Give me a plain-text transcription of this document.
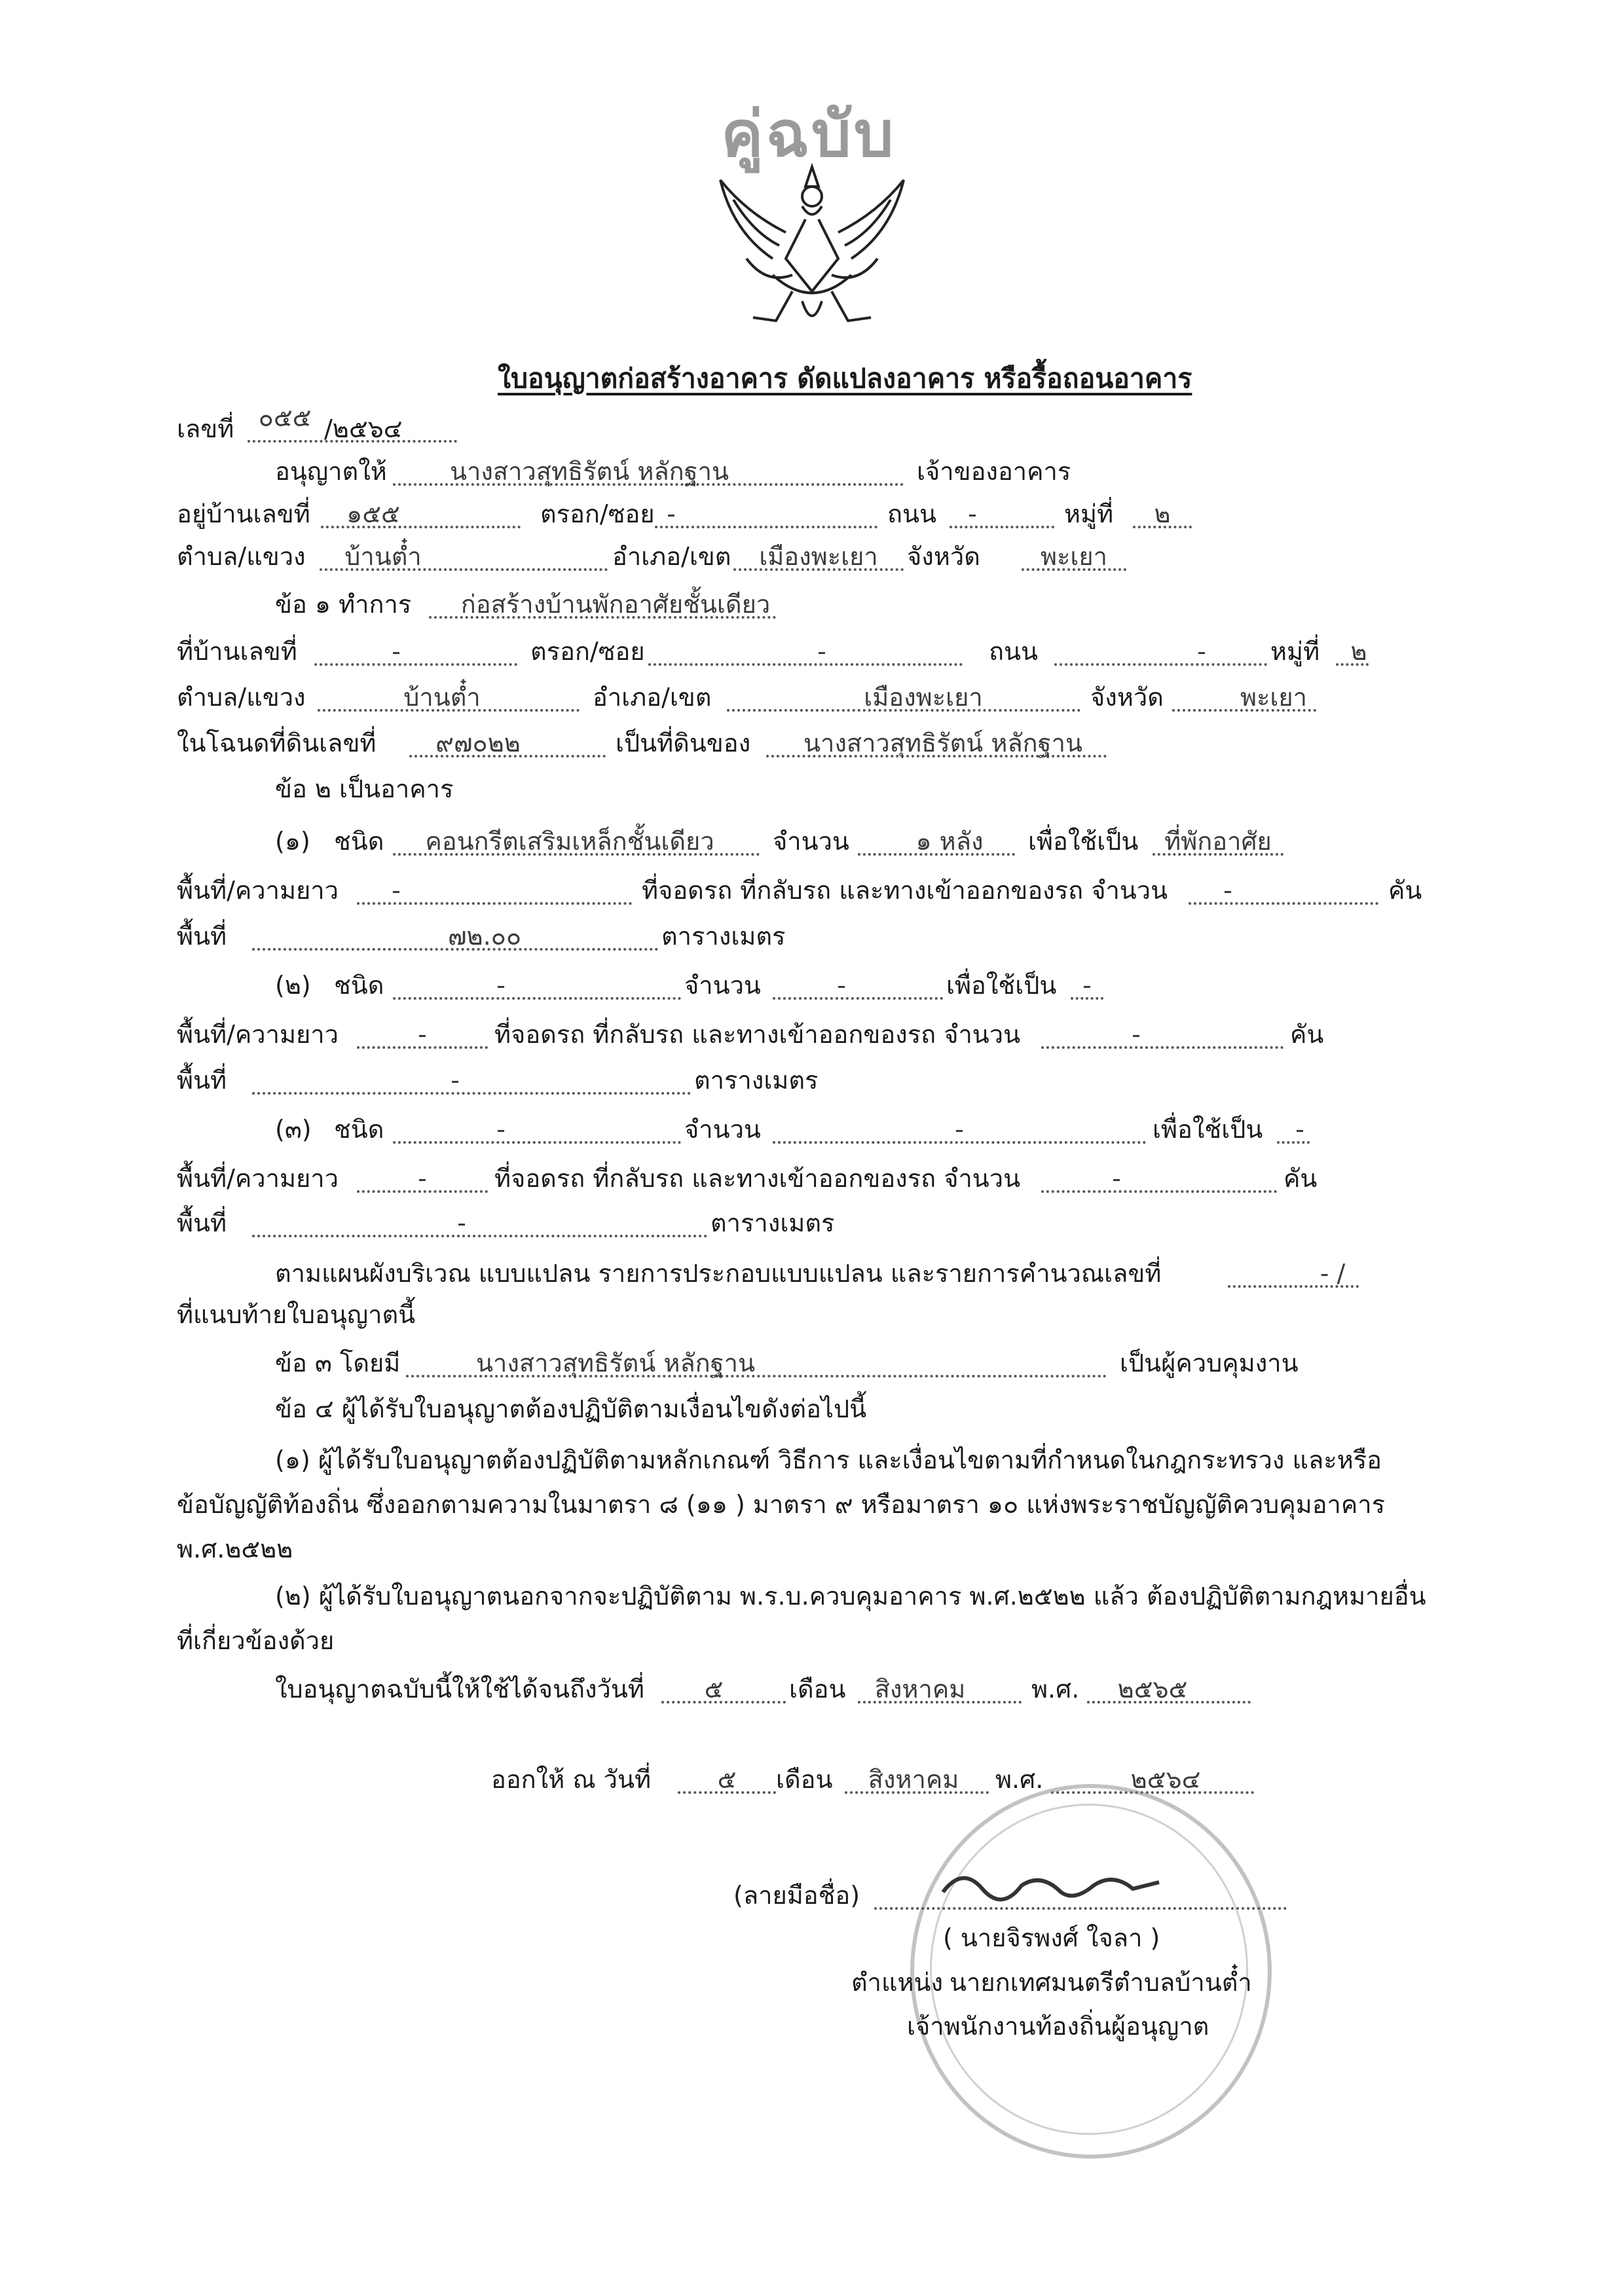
คู่ฉบับ
ใบอนุญาตก่อสร้างอาคาร ดัดแปลงอาคาร หรือรื้อถอนอาคาร
เลขที่ ๐๕๕ /๒๕๖๔
อนุญาตให้	นางสาวสุทธิรัตน์ หลักฐาน	เจ้าของอาคาร
อยู่บ้านเลขที่	๑๕๕	ตรอก/ซอย -	ถนน -	หมู่ที่	๒
ตำบล/แขวง	บ้านต๋ำ	อำเภอ/เขต	เมืองพะเยา	จังหวัด	พะเยา
ข้อ ๑ ทำการ ก่อสร้างบ้านพักอาศัยชั้นเดียว
ที่บ้านเลขที่	-	ตรอก/ซอย	-	ถนน	-	หมู่ที่	๒
ตำบล/แขวง	บ้านต๋ำ	อำเภอ/เขต	เมืองพะเยา	จังหวัด	พะเยา
ในโฉนดที่ดินเลขที่	๙๗๐๒๒	เป็นที่ดินของ	นางสาวสุทธิรัตน์ หลักฐาน
ข้อ ๒ เป็นอาคาร
(๑) ชนิด	คอนกรีตเสริมเหล็กชั้นเดียว	จำนวน	๑ หลัง	เพื่อใช้เป็น	ที่พักอาศัย
พื้นที่/ความยาว -	ที่จอดรถ ที่กลับรถ และทางเข้าออกของรถ จำนวน -	คัน
พื้นที่	๗๒.๐๐	ตารางเมตร
(๒) ชนิด	-	จำนวน	-	เพื่อใช้เป็น -
พื้นที่/ความยาว	-	ที่จอดรถ ที่กลับรถ และทางเข้าออกของรถ จำนวน	-	คัน
พื้นที่	-	ตารางเมตร
(๓) ชนิด	-	จำนวน	-	เพื่อใช้เป็น -
พื้นที่/ความยาว	-	ที่จอดรถ ที่กลับรถ และทางเข้าออกของรถ จำนวน	-	คัน
พื้นที่	-	ตารางเมตร
ตามแผนผังบริเวณ แบบแปลน รายการประกอบแบบแปลน และรายการคำนวณเลขที่	- /
ที่แนบท้ายใบอนุญาตนี้
ข้อ ๓ โดยมี	นางสาวสุทธิรัตน์ หลักฐาน	เป็นผู้ควบคุมงาน
ข้อ ๔ ผู้ได้รับใบอนุญาตต้องปฏิบัติตามเงื่อนไขดังต่อไปนี้
(๑) ผู้ได้รับใบอนุญาตต้องปฏิบัติตามหลักเกณฑ์ วิธีการ และเงื่อนไขตามที่กำหนดในกฎกระทรวง และหรือ
ข้อบัญญัติท้องถิ่น ซึ่งออกตามความในมาตรา ๘ (๑๑ ) มาตรา ๙ หรือมาตรา ๑๐ แห่งพระราชบัญญัติควบคุมอาคาร
พ.ศ.๒๕๒๒
(๒) ผู้ได้รับใบอนุญาตนอกจากจะปฏิบัติตาม พ.ร.บ.ควบคุมอาคาร พ.ศ.๒๕๒๒ แล้ว ต้องปฏิบัติตามกฎหมายอื่น
ที่เกี่ยวข้องด้วย
ใบอนุญาตฉบับนี้ให้ใช้ได้จนถึงวันที่	๕	เดือน	สิงหาคม	พ.ศ.	๒๕๖๕
ออกให้ ณ วันที่	๕	เดือน	สิงหาคม	พ.ศ.	๒๕๖๔
(ลายมือชื่อ)
( นายจิรพงศ์ ใจลา )
ตำแหน่ง นายกเทศมนตรีตำบลบ้านต๋ำ
เจ้าพนักงานท้องถิ่นผู้อนุญาต
